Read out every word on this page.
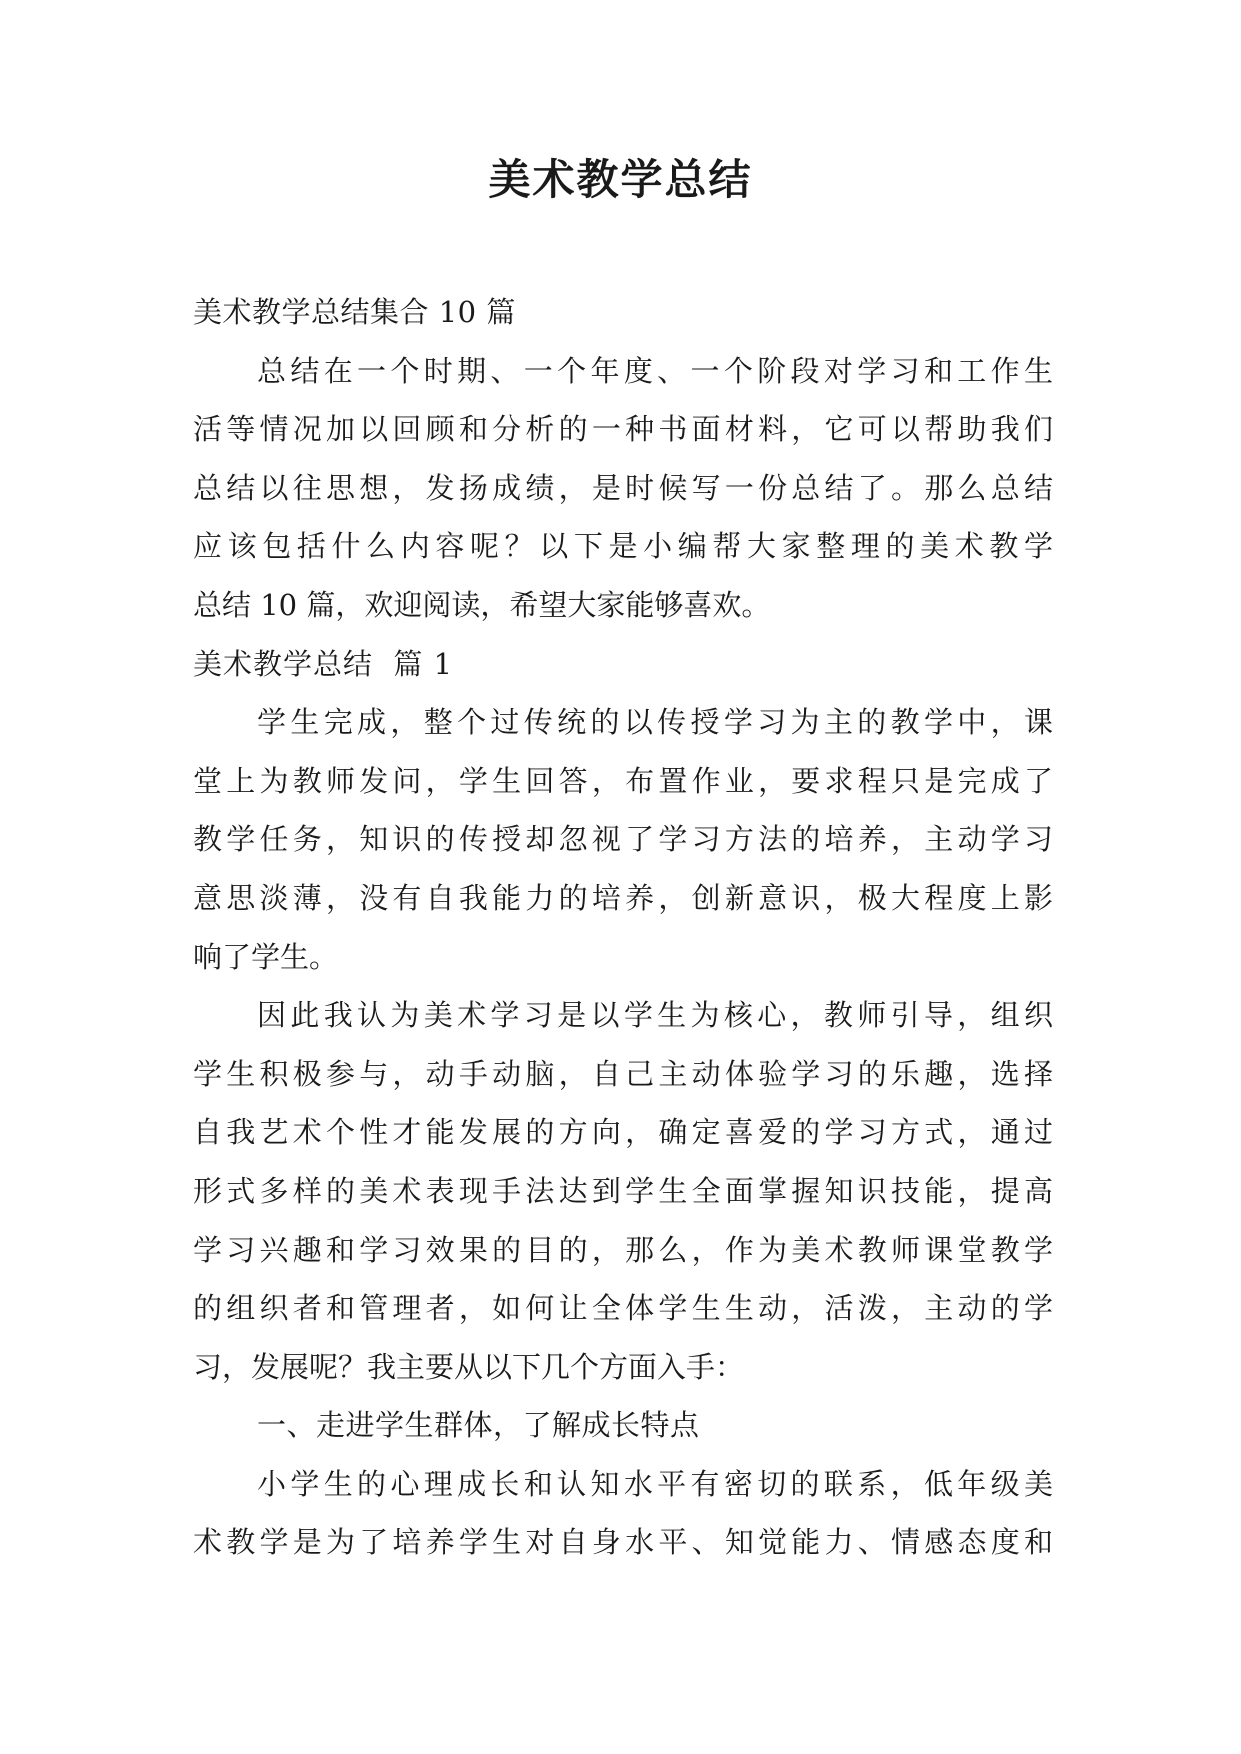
美术教学总结
美术教学总结集合 10 篇
总结在一个时期、一个年度、一个阶段对学习和工作生
活等情况加以回顾和分析的一种书面材料，它可以帮助我们
总结以往思想，发扬成绩，是时候写一份总结了。那么总结
应该包括什么内容呢？以下是小编帮大家整理的美术教学
总结 10 篇，欢迎阅读，希望大家能够喜欢。
美术教学总结  篇 1
学生完成，整个过传统的以传授学习为主的教学中，课
堂上为教师发问，学生回答，布置作业，要求程只是完成了
教学任务，知识的传授却忽视了学习方法的培养，主动学习
意思淡薄，没有自我能力的培养，创新意识，极大程度上影
响了学生。
因此我认为美术学习是以学生为核心，教师引导，组织
学生积极参与，动手动脑，自己主动体验学习的乐趣，选择
自我艺术个性才能发展的方向，确定喜爱的学习方式，通过
形式多样的美术表现手法达到学生全面掌握知识技能，提高
学习兴趣和学习效果的目的，那么，作为美术教师课堂教学
的组织者和管理者，如何让全体学生生动，活泼，主动的学
习，发展呢？我主要从以下几个方面入手：
一、走进学生群体，了解成长特点
小学生的心理成长和认知水平有密切的联系，低年级美
术教学是为了培养学生对自身水平、知觉能力、情感态度和
